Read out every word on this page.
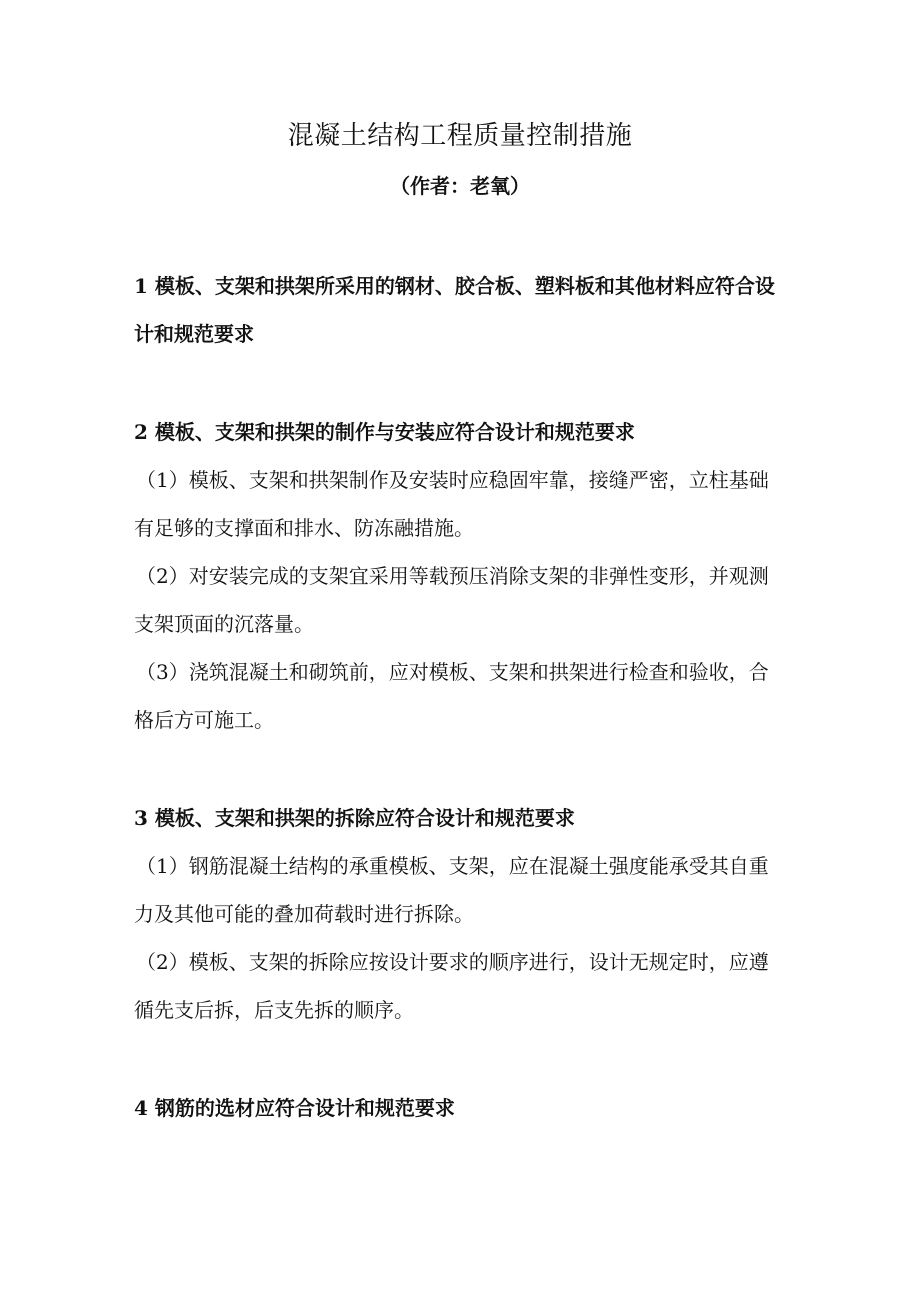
混凝土结构工程质量控制措施
（作者：老氧）

1 模板、支架和拱架所采用的钢材、胶合板、塑料板和其他材料应符合设计和规范要求

2 模板、支架和拱架的制作与安装应符合设计和规范要求

（1）模板、支架和拱架制作及安装时应稳固牢靠，接缝严密，立柱基础有足够的支撑面和排水、防冻融措施。

（2）对安装完成的支架宜采用等载预压消除支架的非弹性变形，并观测支架顶面的沉落量。

（3）浇筑混凝土和砌筑前，应对模板、支架和拱架进行检查和验收，合格后方可施工。

3 模板、支架和拱架的拆除应符合设计和规范要求

（1）钢筋混凝土结构的承重模板、支架，应在混凝土强度能承受其自重力及其他可能的叠加荷载时进行拆除。

（2）模板、支架的拆除应按设计要求的顺序进行，设计无规定时，应遵循先支后拆，后支先拆的顺序。

4 钢筋的选材应符合设计和规范要求
